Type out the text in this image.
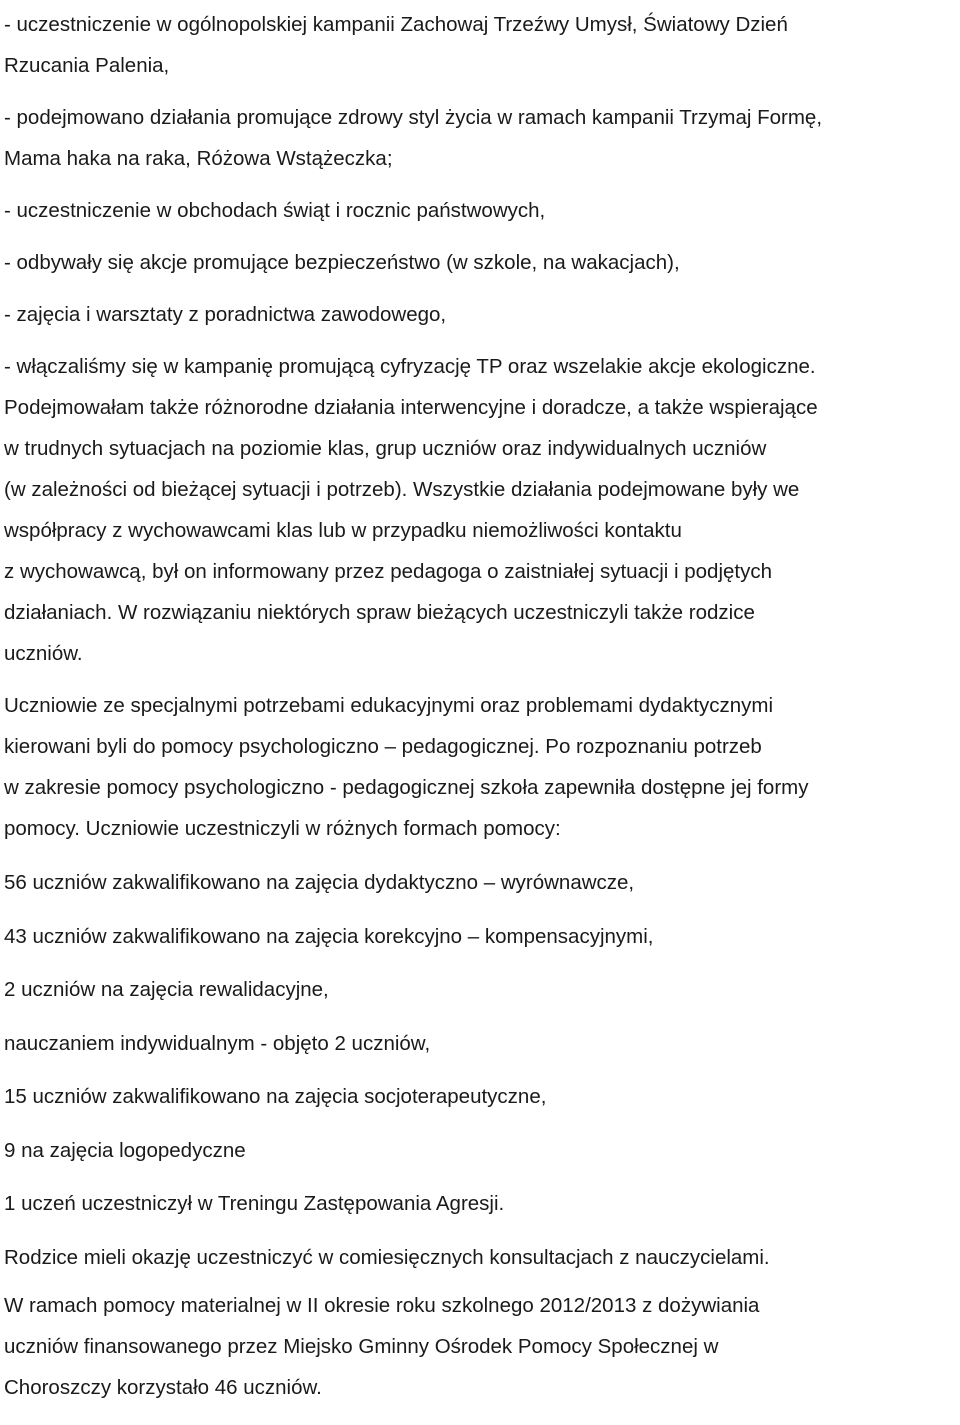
- uczestniczenie w ogólnopolskiej kampanii Zachowaj Trzeźwy Umysł, Światowy Dzień
Rzucania Palenia,
- podejmowano działania promujące zdrowy styl życia w ramach kampanii Trzymaj Formę,
Mama haka na raka, Różowa Wstążeczka;
- uczestniczenie w obchodach świąt i rocznic państwowych,
- odbywały się akcje promujące bezpieczeństwo (w szkole, na wakacjach),
- zajęcia i warsztaty z poradnictwa zawodowego,
- włączaliśmy się w kampanię promującą cyfryzację TP oraz wszelakie akcje ekologiczne.
Podejmowałam także różnorodne działania interwencyjne i doradcze, a także wspierające
w trudnych sytuacjach na poziomie klas, grup uczniów oraz indywidualnych uczniów
(w zależności od bieżącej sytuacji i potrzeb). Wszystkie działania podejmowane były we
współpracy z wychowawcami klas lub w przypadku niemożliwości kontaktu
z wychowawcą, był on informowany przez pedagoga o zaistniałej sytuacji i podjętych
działaniach. W rozwiązaniu niektórych spraw bieżących uczestniczyli także rodzice
uczniów.
Uczniowie ze specjalnymi potrzebami edukacyjnymi oraz problemami dydaktycznymi
kierowani byli do pomocy psychologiczno – pedagogicznej. Po rozpoznaniu potrzeb
w zakresie pomocy psychologiczno - pedagogicznej szkoła zapewniła dostępne jej formy
pomocy. Uczniowie uczestniczyli w różnych formach pomocy:
56 uczniów zakwalifikowano na zajęcia dydaktyczno – wyrównawcze,
43 uczniów zakwalifikowano na zajęcia korekcyjno – kompensacyjnymi,
2 uczniów na zajęcia rewalidacyjne,
nauczaniem indywidualnym - objęto 2 uczniów,
15 uczniów zakwalifikowano na zajęcia socjoterapeutyczne,
9 na zajęcia logopedyczne
1 uczeń uczestniczył w Treningu Zastępowania Agresji.
Rodzice mieli okazję uczestniczyć w comiesięcznych konsultacjach z nauczycielami.
W ramach pomocy materialnej w II okresie roku szkolnego 2012/2013 z dożywiania
uczniów finansowanego przez Miejsko Gminny Ośrodek Pomocy Społecznej w
Choroszczy korzystało 46 uczniów.
